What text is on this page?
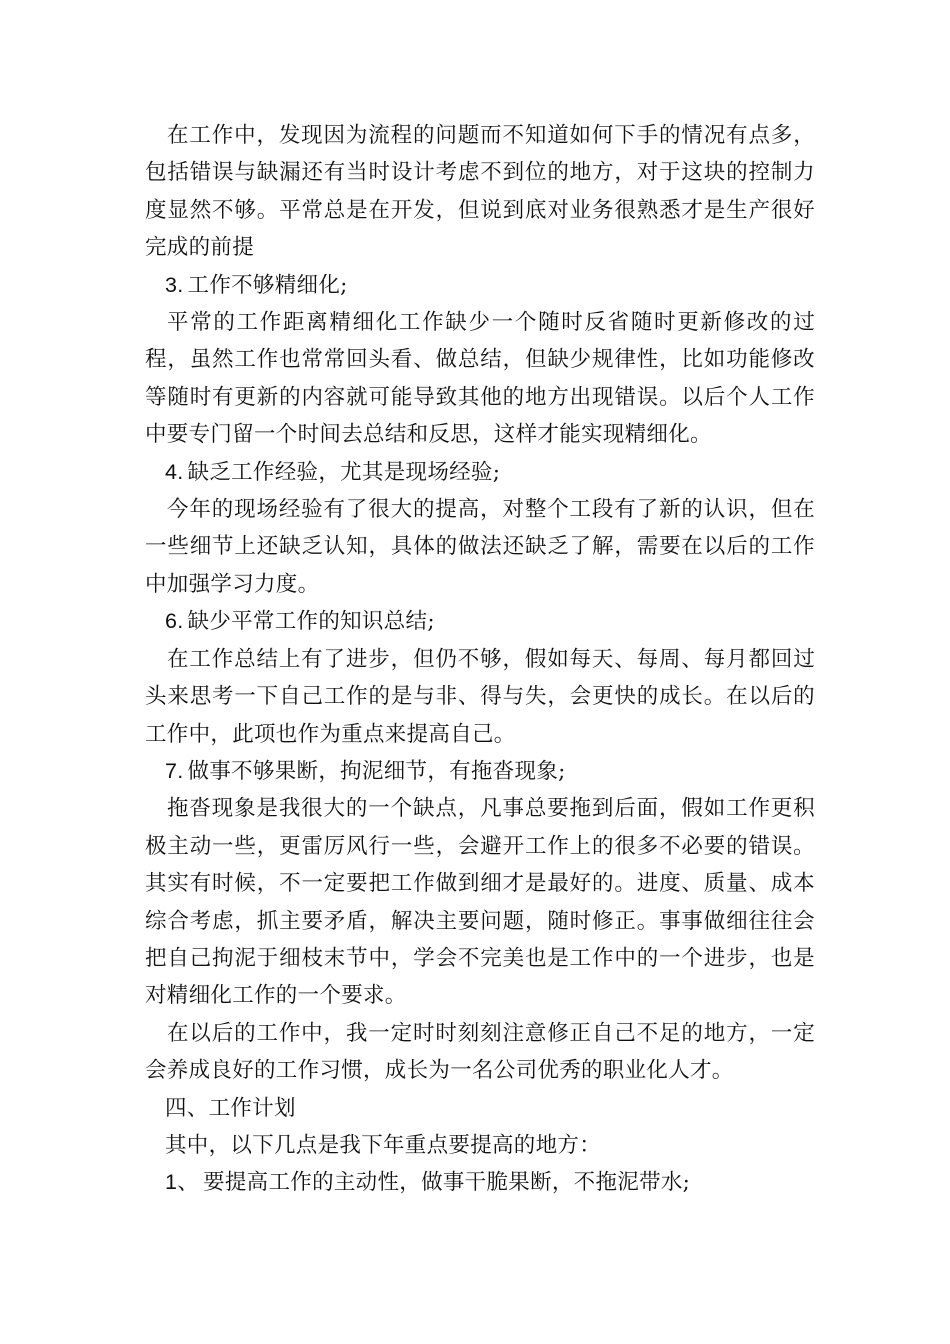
在工作中，发现因为流程的问题而不知道如何下手的情况有点多，包括错误与缺漏还有当时设计考虑不到位的地方，对于这块的控制力度显然不够。平常总是在开发，但说到底对业务很熟悉才是生产很好完成的前提

3. 工作不够精细化;

平常的工作距离精细化工作缺少一个随时反省随时更新修改的过程，虽然工作也常常回头看、做总结，但缺少规律性，比如功能修改等随时有更新的内容就可能导致其他的地方出现错误。以后个人工作中要专门留一个时间去总结和反思，这样才能实现精细化。

4. 缺乏工作经验，尤其是现场经验;

今年的现场经验有了很大的提高，对整个工段有了新的认识，但在一些细节上还缺乏认知，具体的做法还缺乏了解，需要在以后的工作中加强学习力度。

6. 缺少平常工作的知识总结;

在工作总结上有了进步，但仍不够，假如每天、每周、每月都回过头来思考一下自己工作的是与非、得与失，会更快的成长。在以后的工作中，此项也作为重点来提高自己。

7. 做事不够果断，拘泥细节，有拖沓现象;

拖沓现象是我很大的一个缺点，凡事总要拖到后面，假如工作更积极主动一些，更雷厉风行一些，会避开工作上的很多不必要的错误。其实有时候，不一定要把工作做到细才是最好的。进度、质量、成本综合考虑，抓主要矛盾，解决主要问题，随时修正。事事做细往往会把自己拘泥于细枝末节中，学会不完美也是工作中的一个进步，也是对精细化工作的一个要求。

在以后的工作中，我一定时时刻刻注意修正自己不足的地方，一定会养成良好的工作习惯，成长为一名公司优秀的职业化人才。

四、工作计划

其中，以下几点是我下年重点要提高的地方：

1、 要提高工作的主动性，做事干脆果断，不拖泥带水;
